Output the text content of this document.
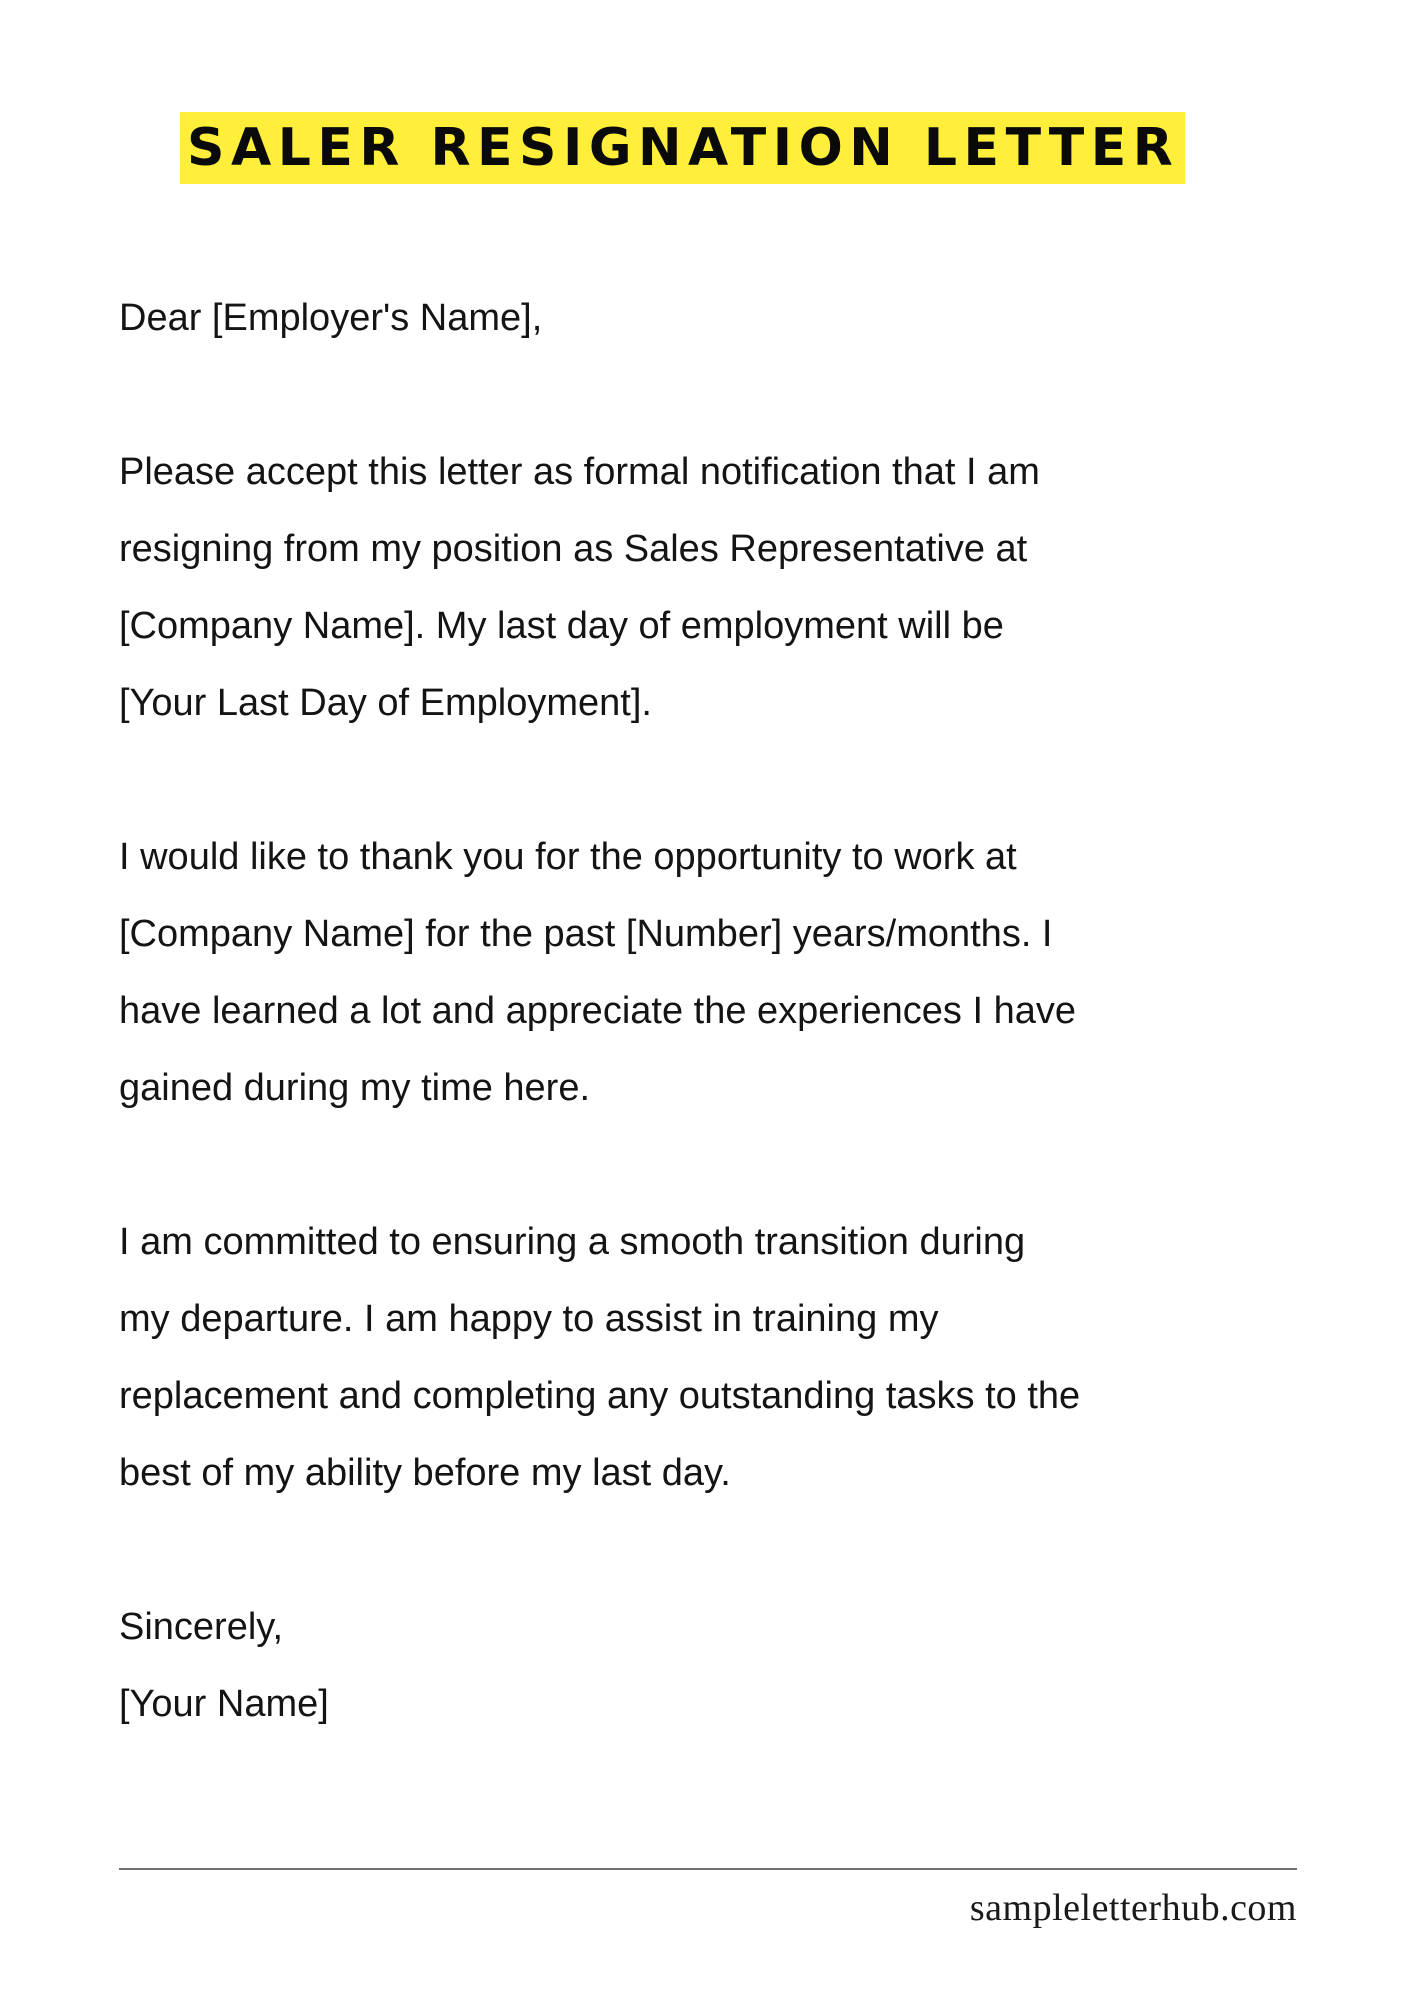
SALER RESIGNATION LETTER
Dear [Employer's Name],
Please accept this letter as formal notification that I am
resigning from my position as Sales Representative at
[Company Name]. My last day of employment will be
[Your Last Day of Employment].
I would like to thank you for the opportunity to work at
[Company Name] for the past [Number] years/months. I
have learned a lot and appreciate the experiences I have
gained during my time here.
I am committed to ensuring a smooth transition during
my departure. I am happy to assist in training my
replacement and completing any outstanding tasks to the
best of my ability before my last day.
Sincerely,
[Your Name]
sampleletterhub.com
